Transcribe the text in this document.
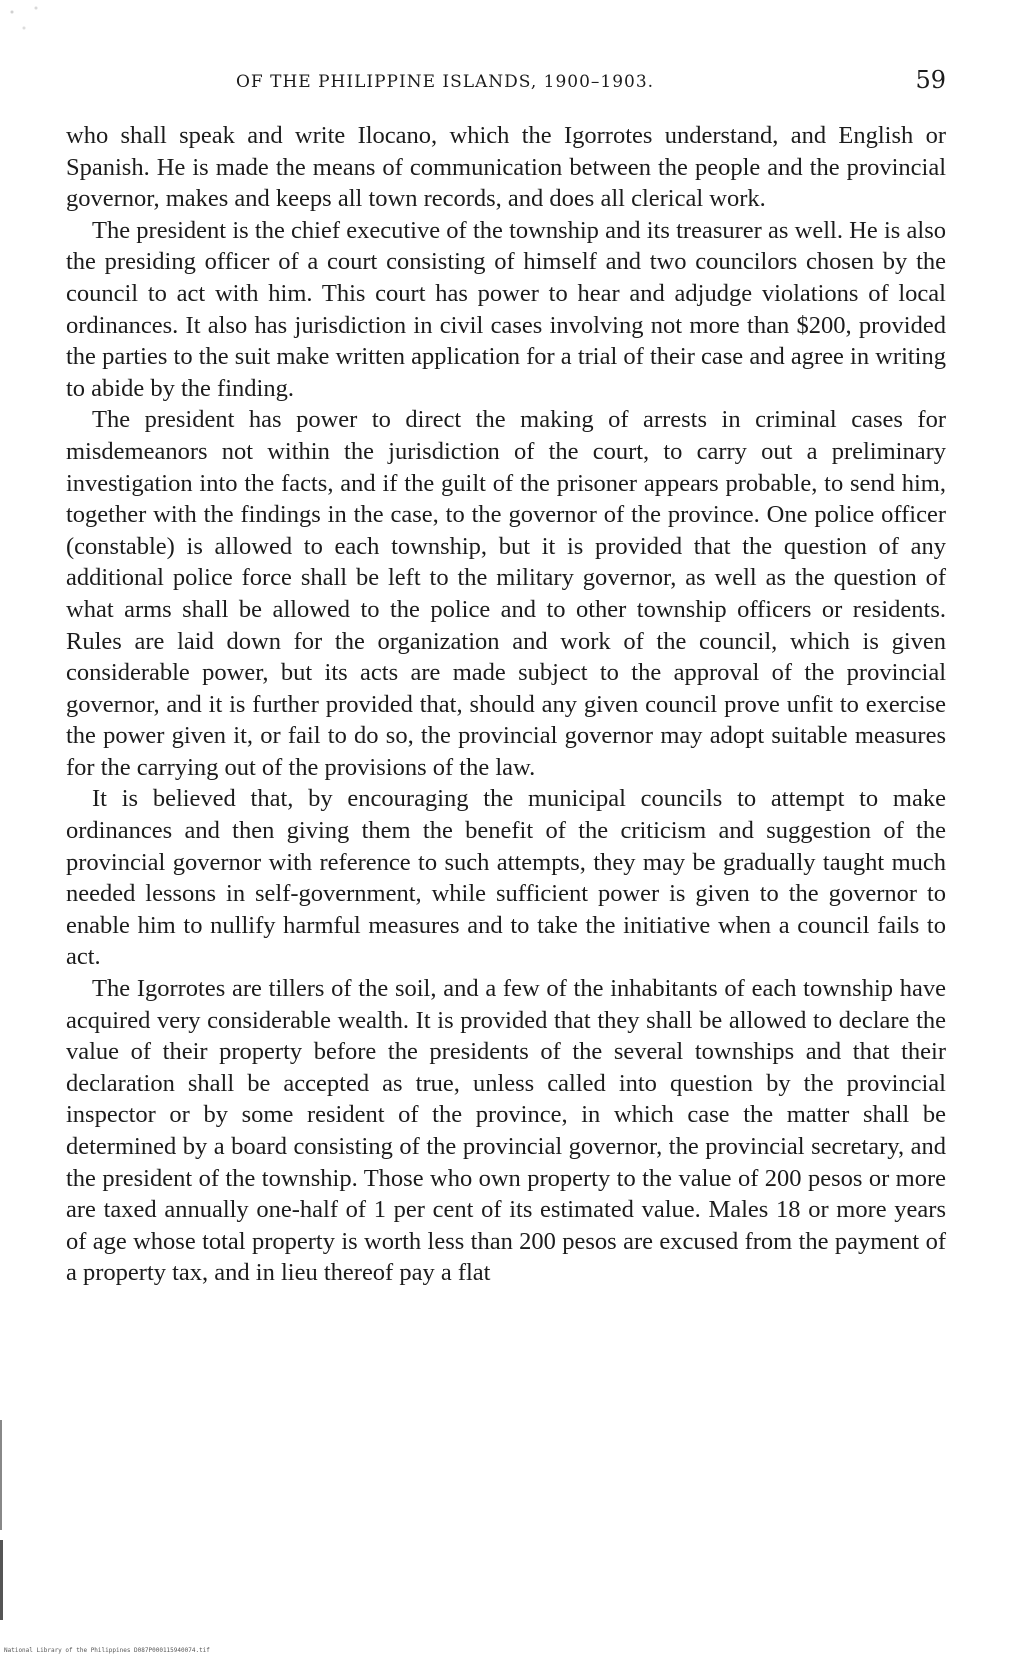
OF THE PHILIPPINE ISLANDS, 1900–1903.	59

who shall speak and write Ilocano, which the Igorrotes understand, and English or Spanish. He is made the means of communication between the people and the provincial governor, makes and keeps all town records, and does all clerical work.

The president is the chief executive of the township and its treasurer as well. He is also the presiding officer of a court consisting of himself and two councilors chosen by the council to act with him. This court has power to hear and adjudge violations of local ordinances. It also has jurisdiction in civil cases involving not more than $200, provided the parties to the suit make written application for a trial of their case and agree in writing to abide by the finding.

The president has power to direct the making of arrests in criminal cases for misdemeanors not within the jurisdiction of the court, to carry out a preliminary investigation into the facts, and if the guilt of the prisoner appears probable, to send him, together with the findings in the case, to the governor of the province. One police officer (constable) is allowed to each township, but it is provided that the question of any additional police force shall be left to the military governor, as well as the question of what arms shall be allowed to the police and to other township officers or residents. Rules are laid down for the organization and work of the council, which is given considerable power, but its acts are made subject to the approval of the provincial governor, and it is further provided that, should any given council prove unfit to exercise the power given it, or fail to do so, the provincial governor may adopt suitable measures for the carrying out of the provisions of the law.

It is believed that, by encouraging the municipal councils to attempt to make ordinances and then giving them the benefit of the criticism and suggestion of the provincial governor with reference to such attempts, they may be gradually taught much needed lessons in self-government, while sufficient power is given to the governor to enable him to nullify harmful measures and to take the initiative when a council fails to act.

The Igorrotes are tillers of the soil, and a few of the inhabitants of each township have acquired very considerable wealth. It is provided that they shall be allowed to declare the value of their property before the presidents of the several townships and that their declaration shall be accepted as true, unless called into question by the provincial inspector or by some resident of the province, in which case the matter shall be determined by a board consisting of the provincial governor, the provincial secretary, and the president of the township. Those who own property to the value of 200 pesos or more are taxed annually one-half of 1 per cent of its estimated value. Males 18 or more years of age whose total property is worth less than 200 pesos are excused from the payment of a property tax, and in lieu thereof pay a flat

National Library of the Philippines D087P000115940074.tif
